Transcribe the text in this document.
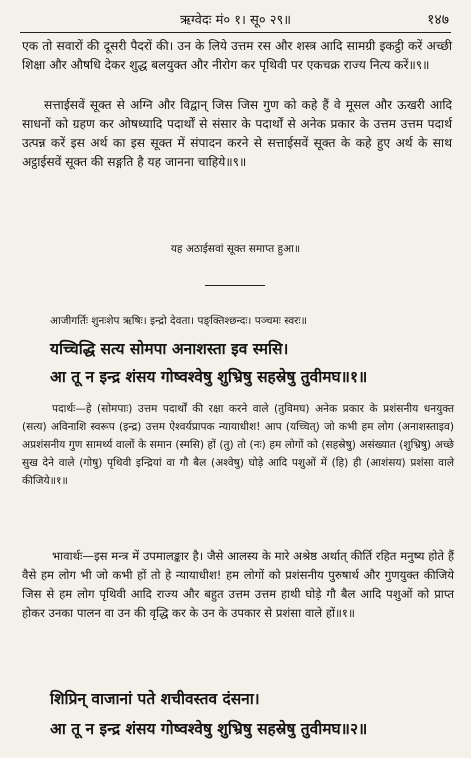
ऋग्वेदः मं० १। सू० २९॥	१४७
एक तो सवारों की दूसरी पैदरों की। उन के लिये उत्तम रस और शस्त्र आदि सामग्री इकट्ठी करें अच्छी शिक्षा और औषधि देकर शुद्ध बलयुक्त और नीरोग कर पृथिवी पर एकचक्र राज्य नित्य करें॥९॥
सत्ताईसवें सूक्त से अग्नि और विद्वान् जिस जिस गुण को कहे हैं वे मूसल और ऊखरी आदि साधनों को ग्रहण कर ओषध्यादि पदार्थों से संसार के पदार्थों से अनेक प्रकार के उत्तम उत्तम पदार्थ उत्पन्न करें इस अर्थ का इस सूक्त में संपादन करने से सत्ताईसवें सूक्त के कहे हुए अर्थ के साथ अट्ठाईसवें सूक्त की सङ्गति है यह जानना चाहिये॥९॥
यह अठाईसवां सूक्त समाप्त हुआ॥
आजीगर्तिः शुनःशेप ऋषिः। इन्द्रो देवता। पङ्क्तिश्छन्दः। पञ्चमः स्वरः॥
यच्चिद्धि सत्य सोमपा अनाशस्ता इव स्मसि।
आ तू न इन्द्र शंसय गोष्वश्वेषु शुभ्रिषु सहस्रेषु तुवीमघ॥१॥
पदार्थः—हे (सोमपाः) उत्तम पदार्थों की रक्षा करने वाले (तुविमघ) अनेक प्रकार के प्रशंसनीय धनयुक्त (सत्य) अविनाशि स्वरूप (इन्द्र) उत्तम ऐश्वर्यप्रापक न्यायाधीश! आप (यच्चित्) जो कभी हम लोग (अनाशस्ताइव) अप्रशंसनीय गुण सामर्थ्य वालों के समान (स्मसि) हों (तु) तो (नः) हम लोगों को (सहस्रेषु) असंख्यात (शुभ्रिषु) अच्छे सुख देने वाले (गोषु) पृथिवी इन्द्रियां वा गौ बैल (अश्वेषु) घोड़े आदि पशुओं में (हि) ही (आशंसय) प्रशंसा वाले कीजिये॥१॥
भावार्थः—इस मन्त्र में उपमालङ्कार है। जैसे आलस्य के मारे अश्रेष्ठ अर्थात् कीर्ति रहित मनुष्य होते हैं वैसे हम लोग भी जो कभी हों तो हे न्यायाधीश! हम लोगों को प्रशंसनीय पुरुषार्थ और गुणयुक्त कीजिये जिस से हम लोग पृथिवी आदि राज्य और बहुत उत्तम उत्तम हाथी घोड़े गौ बैल आदि पशुओं को प्राप्त होकर उनका पालन वा उन की वृद्धि कर के उन के उपकार से प्रशंसा वाले हों॥१॥
शिप्रिन् वाजानां पते शचीवस्तव दंसना।
आ तू न इन्द्र शंसय गोष्वश्वेषु शुभ्रिषु सहस्रेषु तुवीमघ॥२॥
